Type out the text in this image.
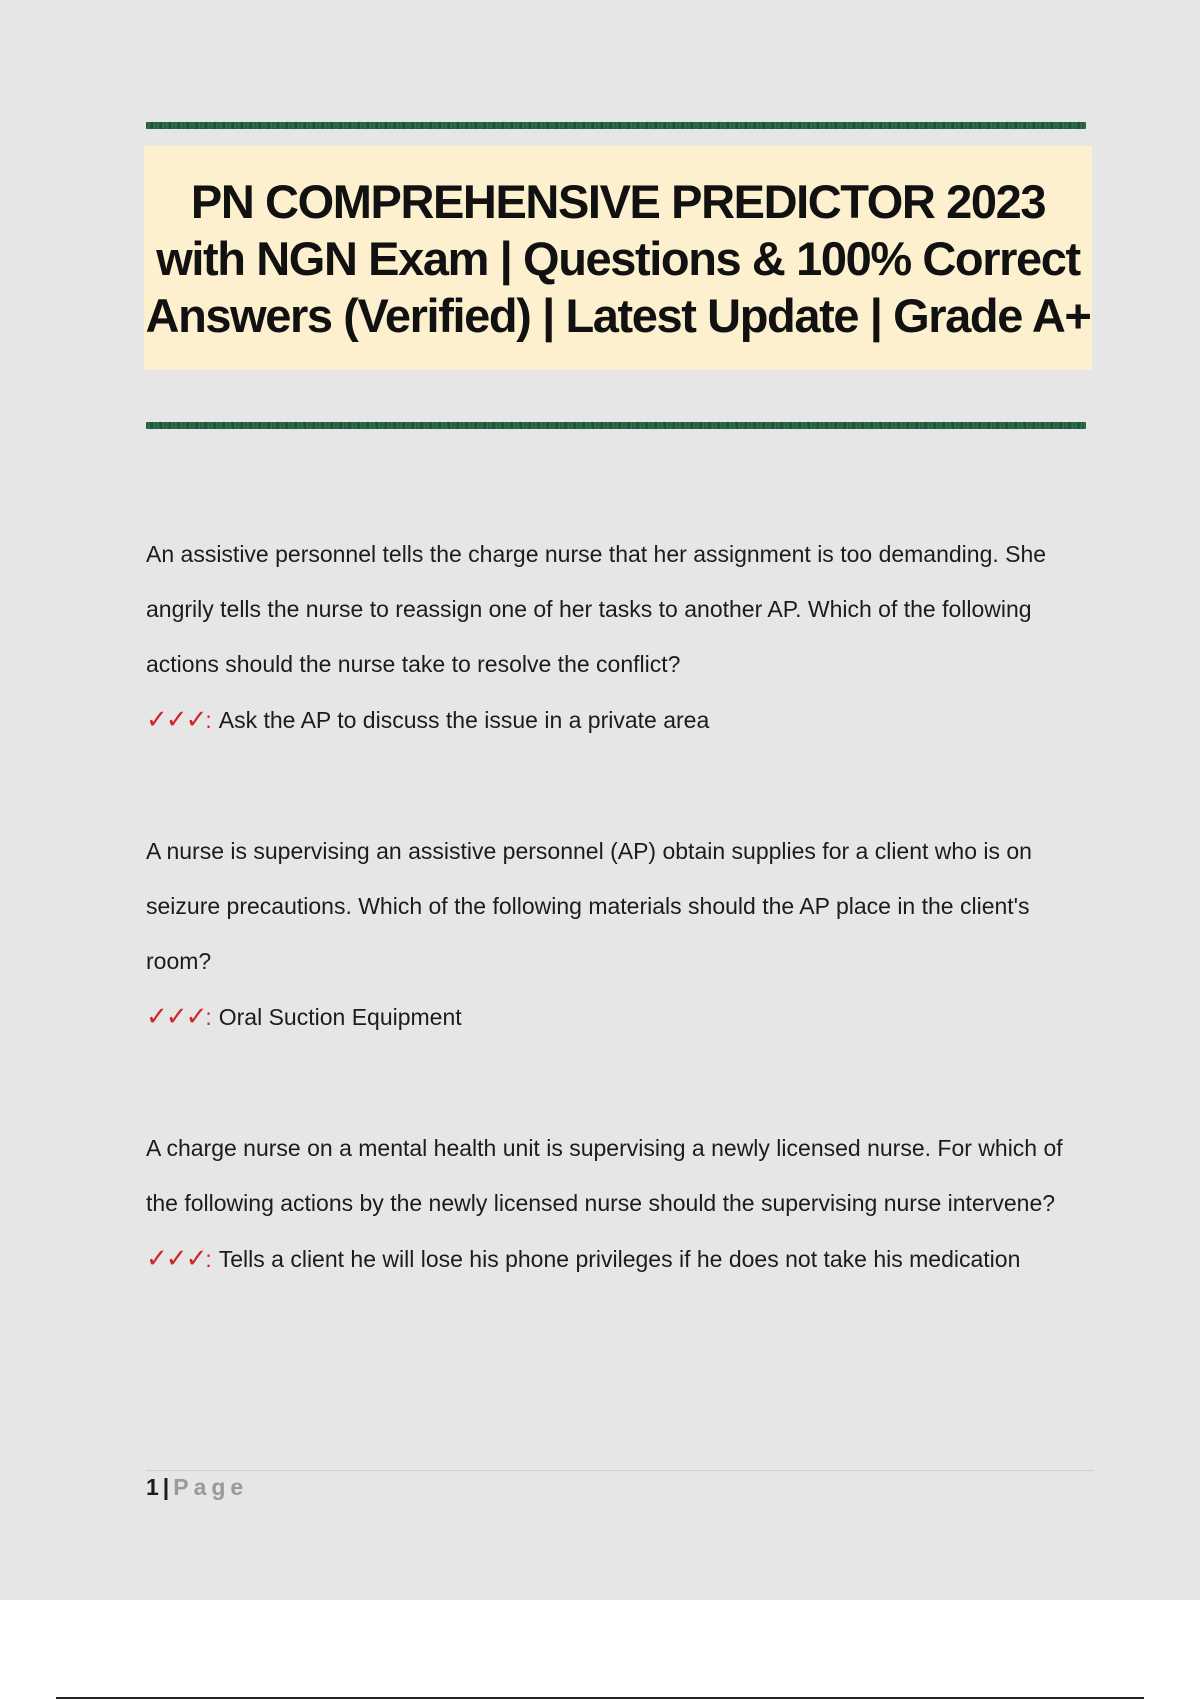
PN COMPREHENSIVE PREDICTOR 2023 with NGN Exam | Questions & 100% Correct Answers (Verified) | Latest Update | Grade A+

An assistive personnel tells the charge nurse that her assignment is too demanding. She angrily tells the nurse to reassign one of her tasks to another AP. Which of the following actions should the nurse take to resolve the conflict?

✓✓✓: Ask the AP to discuss the issue in a private area

A nurse is supervising an assistive personnel (AP) obtain supplies for a client who is on seizure precautions. Which of the following materials should the AP place in the client's room?

✓✓✓: Oral Suction Equipment

A charge nurse on a mental health unit is supervising a newly licensed nurse. For which of the following actions by the newly licensed nurse should the supervising nurse intervene?

✓✓✓: Tells a client he will lose his phone privileges if he does not take his medication

1 | Page
